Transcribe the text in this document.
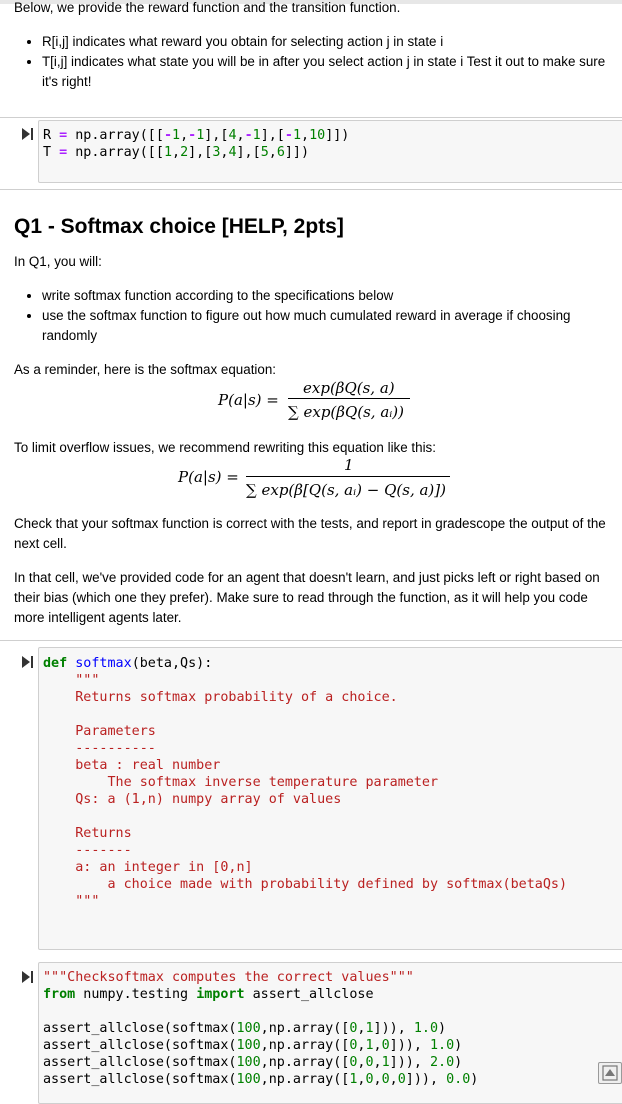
Below, we provide the reward function and the transition function.
• R[i,j] indicates what reward you obtain for selecting action j in state i
• T[i,j] indicates what state you will be in after you select action j in state i Test it out to make sure it's right!
R = np.array([[-1,-1],[4,-1],[-1,10]])
T = np.array([[1,2],[3,4],[5,6]])
Q1 - Softmax choice [HELP, 2pts]
In Q1, you will:
• write softmax function according to the specifications below
• use the softmax function to figure out how much cumulated reward in average if choosing randomly
As a reminder, here is the softmax equation:
P(a|s) =
exp(βQ(s, a)
∑ exp(βQ(s, aᵢ))
To limit overflow issues, we recommend rewriting this equation like this:
P(a|s) =
1
∑ exp(β[Q(s, aᵢ) − Q(s, a)])
Check that your softmax function is correct with the tests, and report in gradescope the output of the next cell.
In that cell, we've provided code for an agent that doesn't learn, and just picks left or right based on their bias (which one they prefer). Make sure to read through the function, as it will help you code more intelligent agents later.
def softmax(beta,Qs):
"""
Returns softmax probability of a choice.

Parameters
----------
beta : real number
The softmax inverse temperature parameter
Qs: a (1,n) numpy array of values

Returns
-------
a: an integer in [0,n]
a choice made with probability defined by softmax(betaQs)
"""
"""Checksoftmax computes the correct values"""
from numpy.testing import assert_allclose

assert_allclose(softmax(100,np.array([0,1])), 1.0)
assert_allclose(softmax(100,np.array([0,1,0])), 1.0)
assert_allclose(softmax(100,np.array([0,0,1])), 2.0)
assert_allclose(softmax(100,np.array([1,0,0,0])), 0.0)
